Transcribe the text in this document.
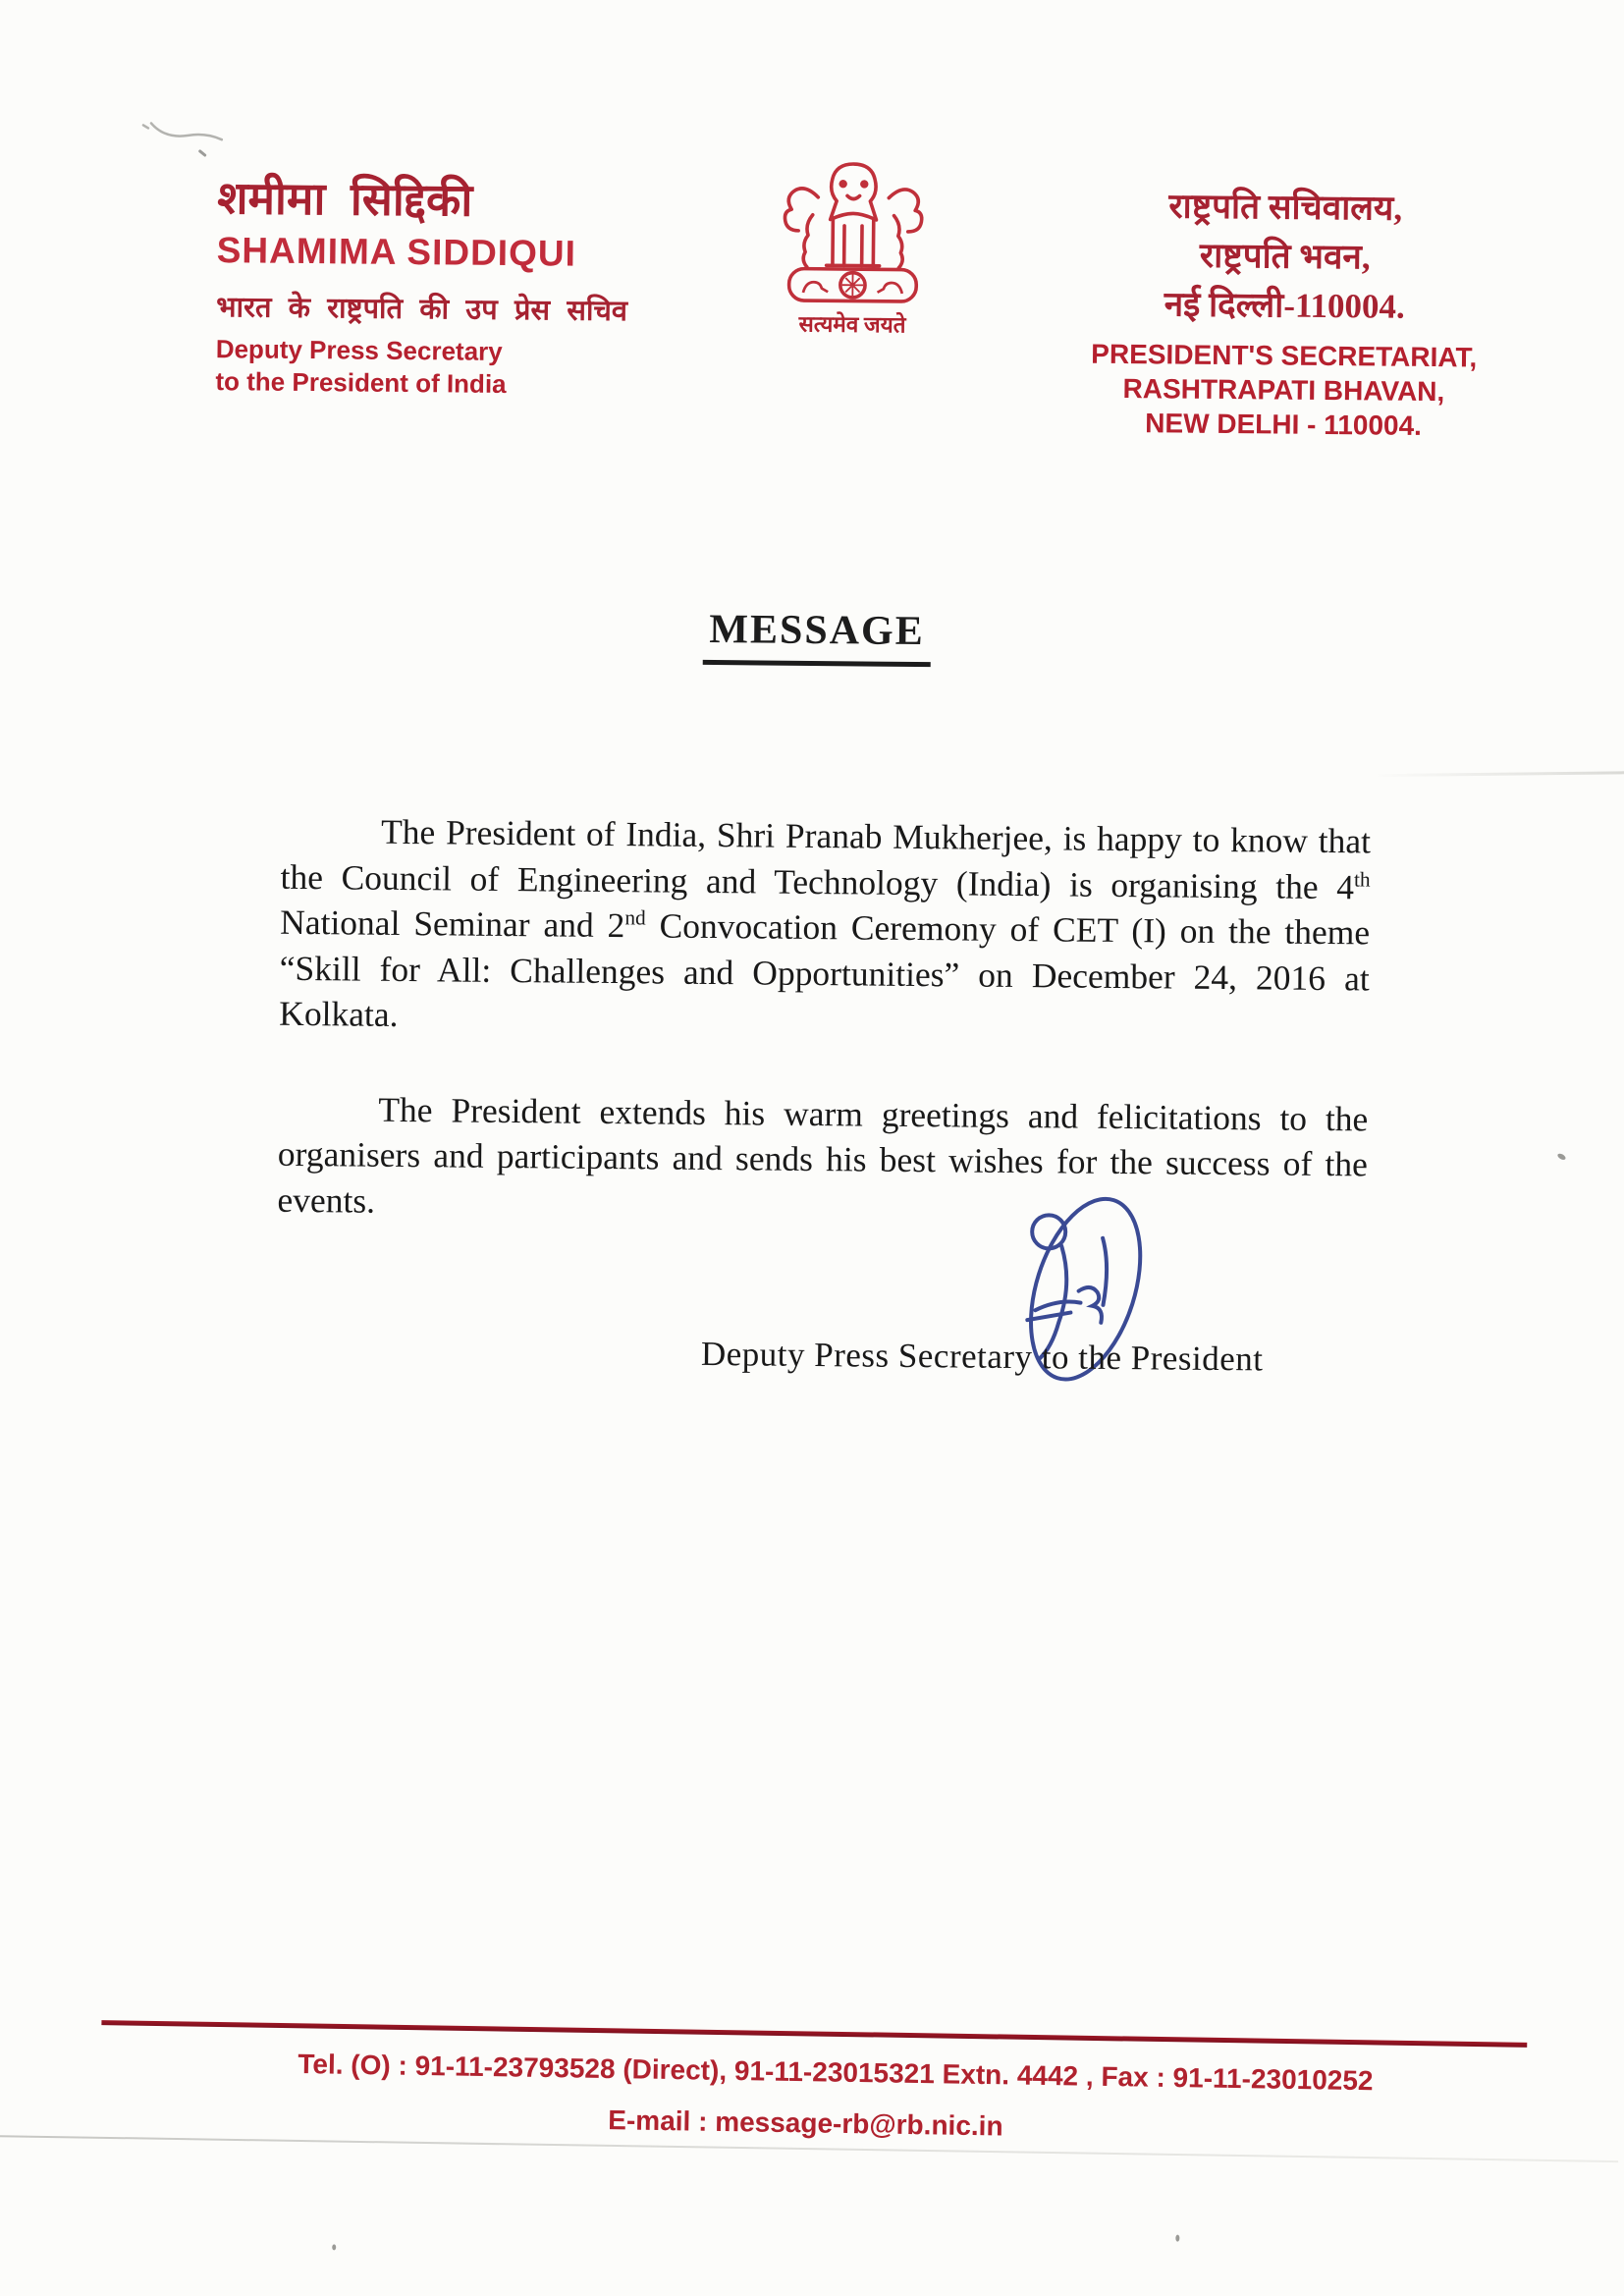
शमीमा सिद्दिकी
SHAMIMA SIDDIQUI
भारत के राष्ट्रपति की उप प्रेस सचिव
Deputy Press Secretary
to the President of India
सत्यमेव जयते
राष्ट्रपति सचिवालय,
राष्ट्रपति भवन,
नई दिल्ली-110004.
PRESIDENT'S SECRETARIAT,
RASHTRAPATI BHAVAN,
NEW DELHI - 110004.
MESSAGE

The President of India, Shri Pranab Mukherjee, is happy to know that the Council of Engineering and Technology (India) is organising the 4th National Seminar and 2nd Convocation Ceremony of CET (I) on the theme “Skill for All: Challenges and Opportunities” on December 24, 2016 at Kolkata.

The President extends his warm greetings and felicitations to the organisers and participants and sends his best wishes for the success of the events.

Deputy Press Secretary to the President
Tel. (O) : 91-11-23793528 (Direct), 91-11-23015321 Extn. 4442 , Fax : 91-11-23010252
E-mail : message-rb@rb.nic.in
